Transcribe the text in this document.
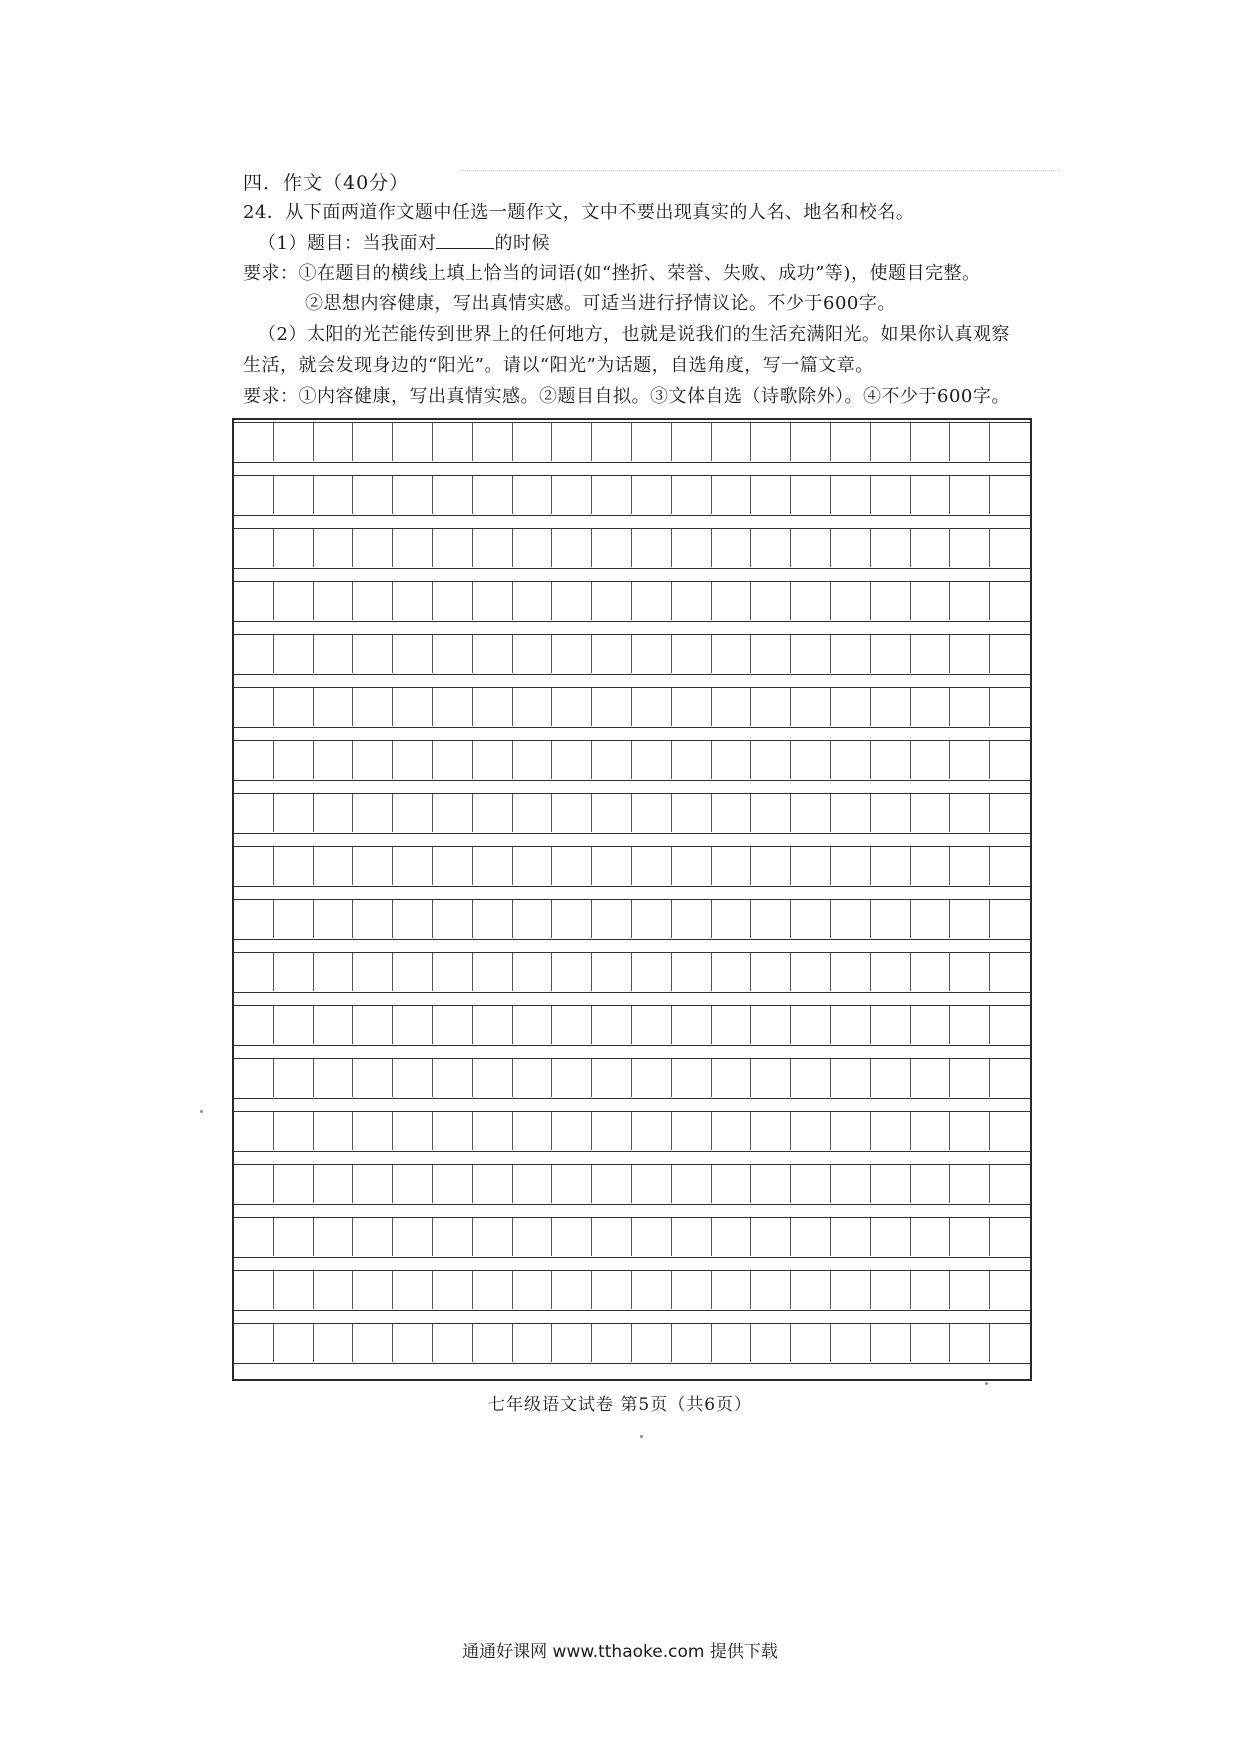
四．作文（40分）
24．从下面两道作文题中任选一题作文，文中不要出现真实的人名、地名和校名。
（1）题目：当我面对	的时候
要求：①在题目的横线上填上恰当的词语(如“挫折、荣誉、失败、成功”等)，使题目完整。
②思想内容健康，写出真情实感。可适当进行抒情议论。不少于600字。
（2）太阳的光芒能传到世界上的任何地方，也就是说我们的生活充满阳光。如果你认真观察
生活，就会发现身边的“阳光”。请以“阳光”为话题，自选角度，写一篇文章。
要求：①内容健康，写出真情实感。②题目自拟。③文体自选（诗歌除外）。④不少于600字。
七年级语文试卷 第5页（共6页）
通通好课网 www.tthaoke.com 提供下载
